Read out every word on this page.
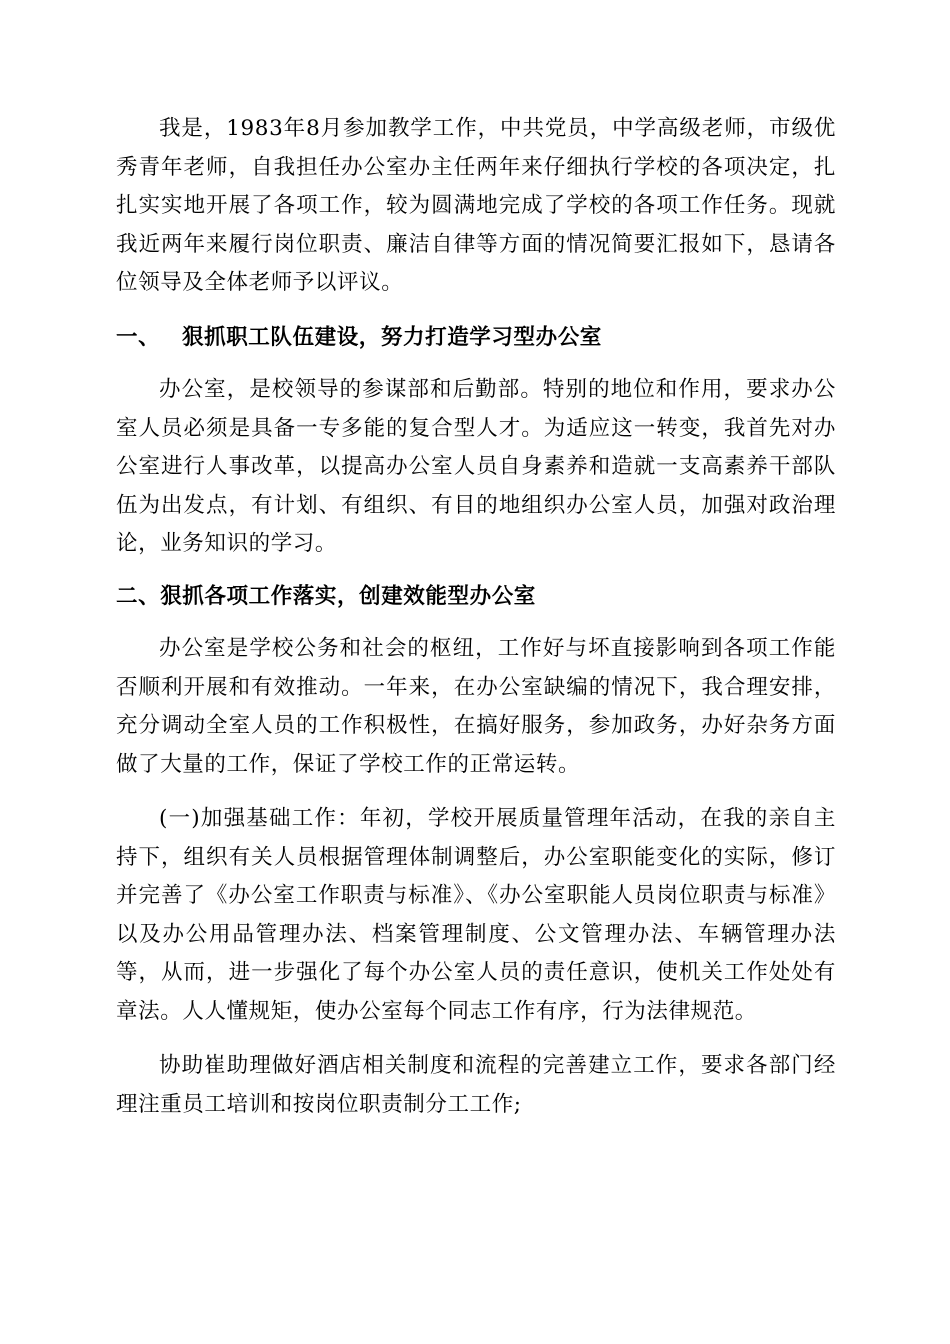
我是，1983年8月参加教学工作，中共党员，中学高级老师，市级优秀青年老师，自我担任办公室办主任两年来仔细执行学校的各项决定，扎扎实实地开展了各项工作，较为圆满地完成了学校的各项工作任务。现就我近两年来履行岗位职责、廉洁自律等方面的情况简要汇报如下，恳请各位领导及全体老师予以评议。

一、 狠抓职工队伍建设，努力打造学习型办公室

办公室，是校领导的参谋部和后勤部。特别的地位和作用，要求办公室人员必须是具备一专多能的复合型人才。为适应这一转变，我首先对办公室进行人事改革，以提高办公室人员自身素养和造就一支高素养干部队伍为出发点，有计划、有组织、有目的地组织办公室人员，加强对政治理论，业务知识的学习。

二、狠抓各项工作落实，创建效能型办公室

办公室是学校公务和社会的枢纽，工作好与坏直接影响到各项工作能否顺利开展和有效推动。一年来，在办公室缺编的情况下，我合理安排，充分调动全室人员的工作积极性，在搞好服务，参加政务，办好杂务方面做了大量的工作，保证了学校工作的正常运转。

(一)加强基础工作：年初，学校开展质量管理年活动，在我的亲自主持下，组织有关人员根据管理体制调整后，办公室职能变化的实际，修订并完善了《办公室工作职责与标准》、《办公室职能人员岗位职责与标准》以及办公用品管理办法、档案管理制度、公文管理办法、车辆管理办法等，从而，进一步强化了每个办公室人员的责任意识，使机关工作处处有章法。人人懂规矩，使办公室每个同志工作有序，行为法律规范。

协助崔助理做好酒店相关制度和流程的完善建立工作，要求各部门经理注重员工培训和按岗位职责制分工工作;
